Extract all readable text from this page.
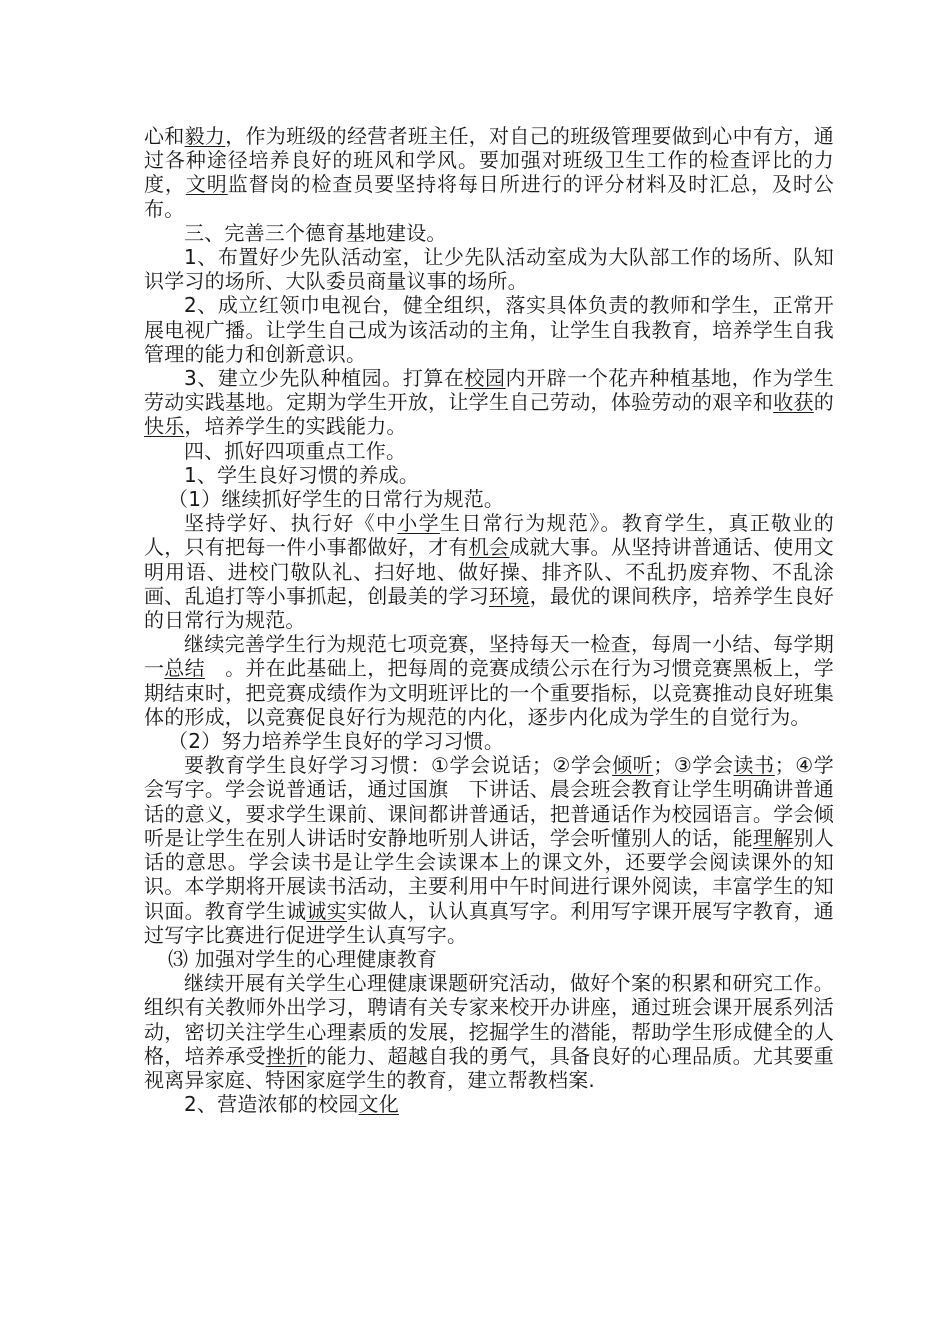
心和毅力，作为班级的经营者班主任，对自己的班级管理要做到心中有方，通过各种途径培养良好的班风和学风。要加强对班级卫生工作的检查评比的力度，文明监督岗的检查员要坚持将每日所进行的评分材料及时汇总，及时公布。

三、完善三个德育基地建设。

1、布置好少先队活动室，让少先队活动室成为大队部工作的场所、队知识学习的场所、大队委员商量议事的场所。

2、成立红领巾电视台，健全组织，落实具体负责的教师和学生，正常开展电视广播。让学生自己成为该活动的主角，让学生自我教育，培养学生自我管理的能力和创新意识。

3、建立少先队种植园。打算在校园内开辟一个花卉种植基地，作为学生劳动实践基地。定期为学生开放，让学生自己劳动，体验劳动的艰辛和收获的快乐，培养学生的实践能力。

四、抓好四项重点工作。

1、学生良好习惯的养成。

（1）继续抓好学生的日常行为规范。

坚持学好、执行好《中小学生日常行为规范》。教育学生，真正敬业的人，只有把每一件小事都做好，才有机会成就大事。从坚持讲普通话、使用文明用语、进校门敬队礼、扫好地、做好操、排齐队、不乱扔废弃物、不乱涂画、乱追打等小事抓起，创最美的学习环境，最优的课间秩序，培养学生良好的日常行为规范。

继续完善学生行为规范七项竞赛，坚持每天一检查，每周一小结、每学期一总结　。并在此基础上，把每周的竞赛成绩公示在行为习惯竞赛黑板上，学期结束时，把竞赛成绩作为文明班评比的一个重要指标，以竞赛推动良好班集体的形成，以竞赛促良好行为规范的内化，逐步内化成为学生的自觉行为。

（2）努力培养学生良好的学习习惯。

要教育学生良好学习习惯：①学会说话；②学会倾听；③学会读书；④学会写字。学会说普通话，通过国旗　下讲话、晨会班会教育让学生明确讲普通话的意义，要求学生课前、课间都讲普通话，把普通话作为校园语言。学会倾听是让学生在别人讲话时安静地听别人讲话，学会听懂别人的话，能理解别人话的意思。学会读书是让学生会读课本上的课文外，还要学会阅读课外的知识。本学期将开展读书活动，主要利用中午时间进行课外阅读，丰富学生的知识面。教育学生诚诚实实做人，认认真真写字。利用写字课开展写字教育，通过写字比赛进行促进学生认真写字。

⑶ 加强对学生的心理健康教育

继续开展有关学生心理健康课题研究活动，做好个案的积累和研究工作。组织有关教师外出学习，聘请有关专家来校开办讲座，通过班会课开展系列活动，密切关注学生心理素质的发展，挖掘学生的潜能，帮助学生形成健全的人格，培养承受挫折的能力、超越自我的勇气，具备良好的心理品质。尤其要重视离异家庭、特困家庭学生的教育，建立帮教档案.

2、营造浓郁的校园文化
